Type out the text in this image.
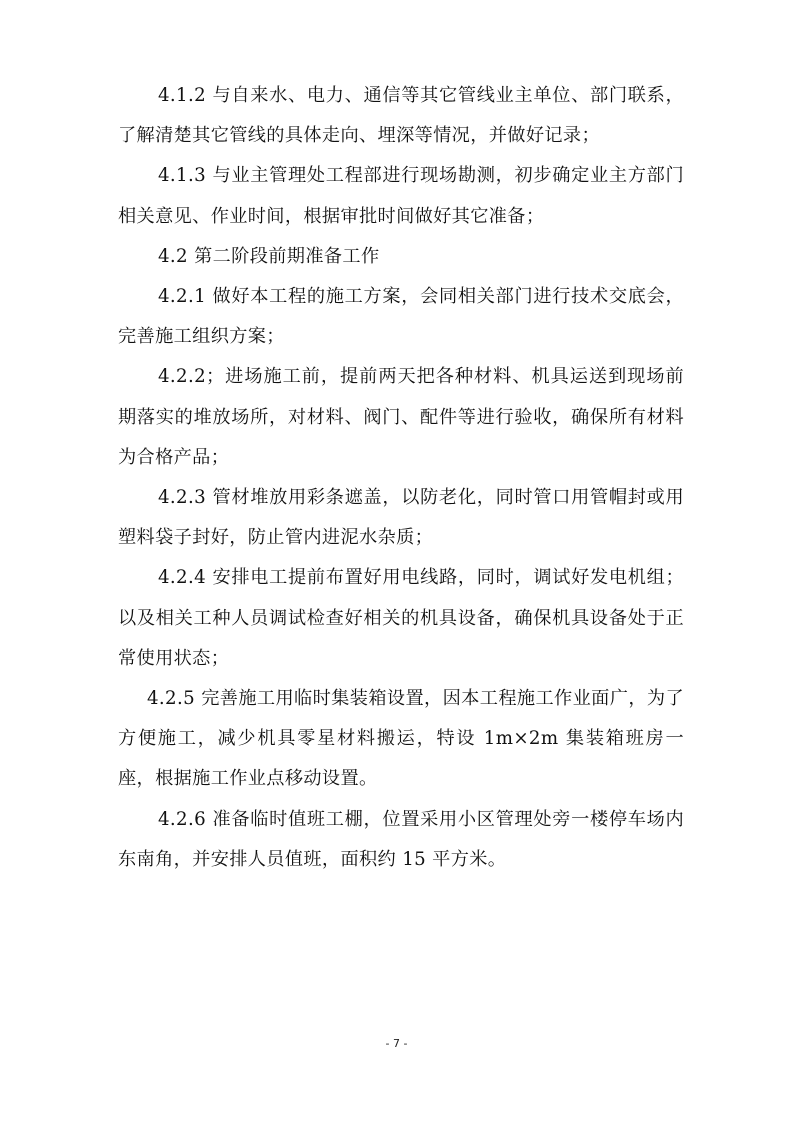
4.1.2 与自来水、电力、通信等其它管线业主单位、部门联系，了解清楚其它管线的具体走向、埋深等情况，并做好记录；

4.1.3 与业主管理处工程部进行现场勘测，初步确定业主方部门相关意见、作业时间，根据审批时间做好其它准备；

4.2 第二阶段前期准备工作

4.2.1 做好本工程的施工方案，会同相关部门进行技术交底会，完善施工组织方案；

4.2.2；进场施工前，提前两天把各种材料、机具运送到现场前期落实的堆放场所，对材料、阀门、配件等进行验收，确保所有材料为合格产品；

4.2.3 管材堆放用彩条遮盖，以防老化，同时管口用管帽封或用塑料袋子封好，防止管内进泥水杂质；

4.2.4 安排电工提前布置好用电线路，同时，调试好发电机组；以及相关工种人员调试检查好相关的机具设备，确保机具设备处于正常使用状态；

4.2.5 完善施工用临时集装箱设置，因本工程施工作业面广，为了方便施工，减少机具零星材料搬运，特设 1m×2m 集装箱班房一座，根据施工作业点移动设置。

4.2.6 准备临时值班工棚，位置采用小区管理处旁一楼停车场内东南角，并安排人员值班，面积约 15 平方米。

- 7 -
